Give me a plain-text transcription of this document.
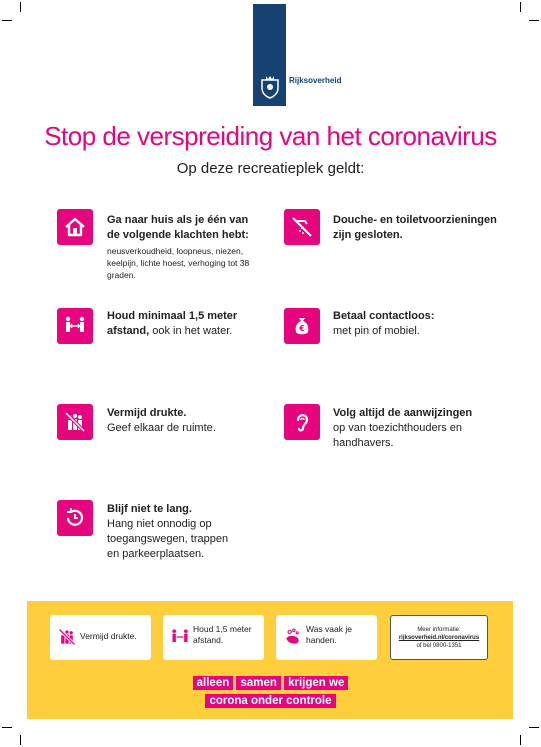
Rijksoverheid
Stop de verspreiding van het coronavirus
Op deze recreatieplek geldt:
Ga naar huis als je één van
de volgende klachten hebt:
neusverkoudheid, loopneus, niezen, keelpijn, lichte hoest, verhoging tot 38 graden.
Douche- en toiletvoorzieningen
zijn gesloten.
Houd minimaal 1,5 meter
afstand, ook in het water.	€
Betaal contactloos:
met pin of mobiel.
Vermijd drukte.
Geef elkaar de ruimte.
Volg altijd de aanwijzingen
op van toezichthouders en handhavers.
Blijf niet te lang.
Hang niet onnodig op toegangswegen, trappen en parkeerplaatsen.
Vermijd drukte.
Houd 1,5 meter afstand.
Was vaak je handen.
Meer informatie:
rijksoverheid.nl/coronavirus
of bel 0800-1351
alleen samen krijgen we
corona onder controle
